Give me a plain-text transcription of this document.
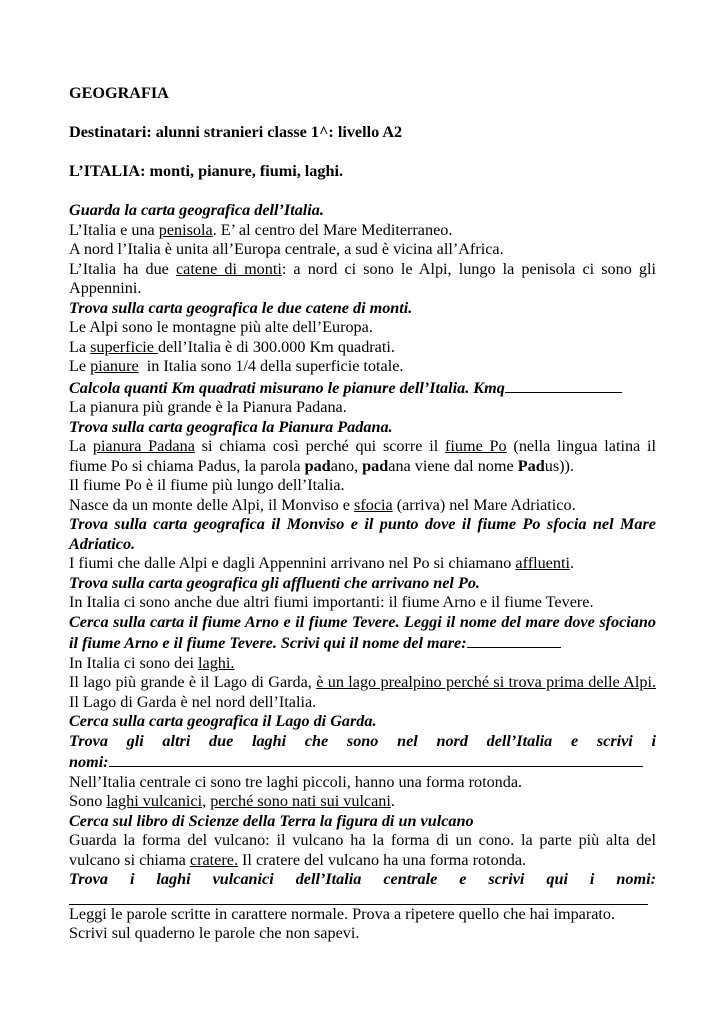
GEOGRAFIA

Destinatari: alunni stranieri classe 1^: livello A2

L’ITALIA: monti, pianure, fiumi, laghi.

Guarda la carta geografica dell’Italia.

L’Italia e una penisola. E’ al centro del Mare Mediterraneo.

A nord l’Italia è unita all’Europa centrale, a sud è vicina all’Africa.

L’Italia ha due catene di monti: a nord ci sono le Alpi, lungo la penisola ci sono gli Appennini.

Trova sulla carta geografica le due catene di monti.

Le Alpi sono le montagne più alte dell’Europa.

La superficie dell’Italia è di 300.000 Km quadrati.

Le pianure  in Italia sono 1/4 della superficie totale.

Calcola quanti Km quadrati misurano le pianure dell’Italia. Kmq

La pianura più grande è la Pianura Padana.

Trova sulla carta geografica la Pianura Padana.

La pianura Padana si chiama così perché qui scorre il fiume Po (nella lingua latina il fiume Po si chiama Padus, la parola padano, padana viene dal nome Padus)).

Il fiume Po è il fiume più lungo dell’Italia.

Nasce da un monte delle Alpi, il Monviso e sfocia (arriva) nel Mare Adriatico.

Trova sulla carta geografica il Monviso e il punto dove il fiume Po sfocia nel Mare Adriatico.

I fiumi che dalle Alpi e dagli Appennini arrivano nel Po si chiamano affluenti.

Trova sulla carta geografica gli affluenti che arrivano nel Po.

In Italia ci sono anche due altri fiumi importanti: il fiume Arno e il fiume Tevere.

Cerca sulla carta il fiume Arno e il fiume Tevere. Leggi il nome del mare dove sfociano il fiume Arno e il fiume Tevere. Scrivi qui il nome del mare:

In Italia ci sono dei laghi.

Il lago più grande è il Lago di Garda, è un lago prealpino perché si trova prima delle Alpi. Il Lago di Garda è nel nord dell’Italia.

Cerca sulla carta geografica il Lago di Garda.

Trova gli altri due laghi che sono nel nord dell’Italia e scrivi i

nomi:

Nell’Italia centrale ci sono tre laghi piccoli, hanno una forma rotonda.

Sono laghi vulcanici, perché sono nati sui vulcani.

Cerca sul libro di Scienze della Terra la figura di un vulcano

Guarda la forma del vulcano: il vulcano ha la forma di un cono. la parte più alta del vulcano si chiama cratere. Il cratere del vulcano ha una forma rotonda.

Trova i laghi vulcanici dell’Italia centrale e scrivi qui i nomi:

Leggi le parole scritte in carattere normale. Prova a ripetere quello che hai imparato.

Scrivi sul quaderno le parole che non sapevi.
